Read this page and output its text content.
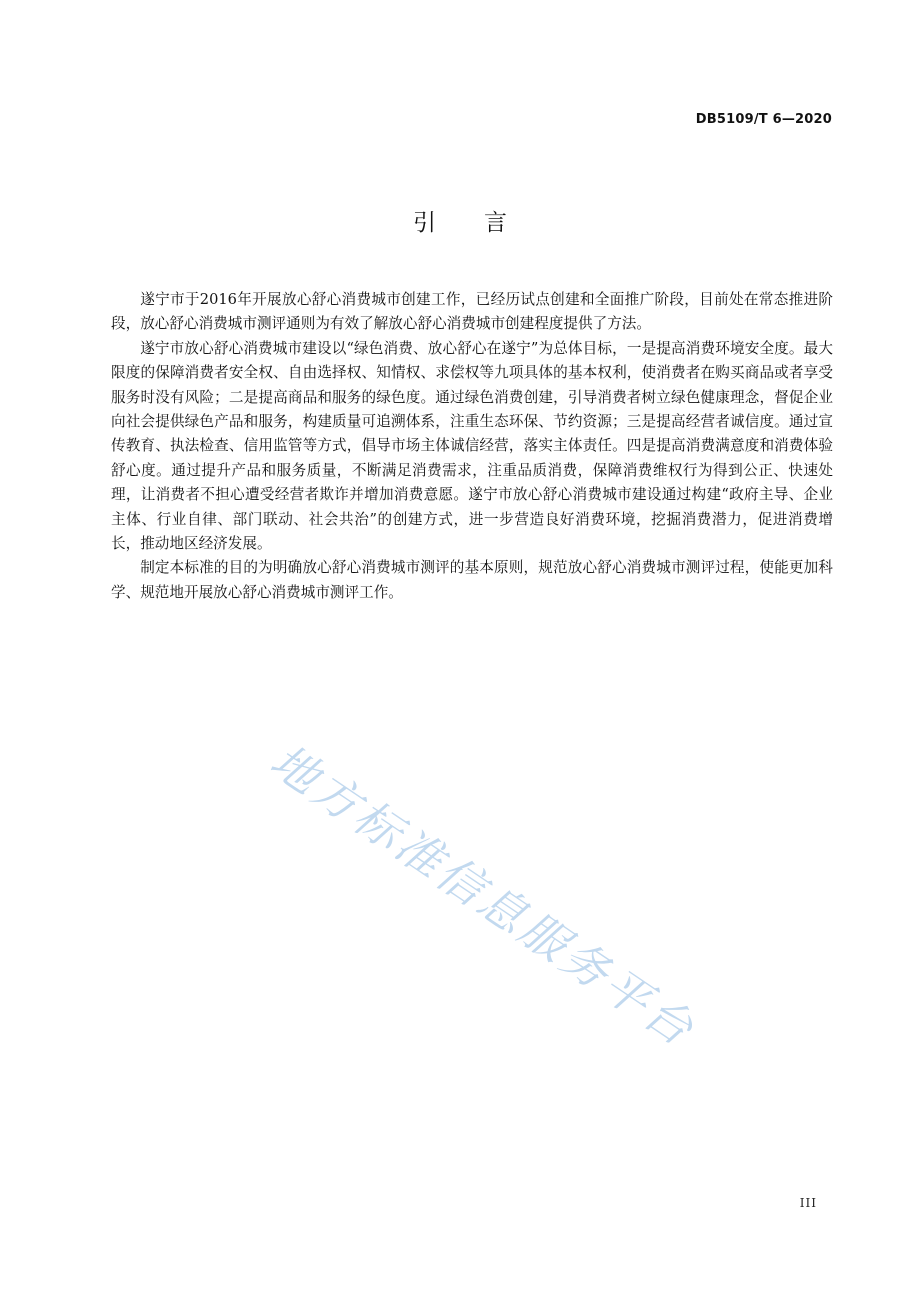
DB5109/T 6—2020
引言

遂宁市于2016年开展放心舒心消费城市创建工作，已经历试点创建和全面推广阶段，目前处在常态推进阶段，放心舒心消费城市测评通则为有效了解放心舒心消费城市创建程度提供了方法。

遂宁市放心舒心消费城市建设以“绿色消费、放心舒心在遂宁”为总体目标，一是提高消费环境安全度。最大限度的保障消费者安全权、自由选择权、知情权、求偿权等九项具体的基本权利，使消费者在购买商品或者享受服务时没有风险；二是提高商品和服务的绿色度。通过绿色消费创建，引导消费者树立绿色健康理念，督促企业向社会提供绿色产品和服务，构建质量可追溯体系，注重生态环保、节约资源；三是提高经营者诚信度。通过宣传教育、执法检查、信用监管等方式，倡导市场主体诚信经营，落实主体责任。四是提高消费满意度和消费体验舒心度。通过提升产品和服务质量，不断满足消费需求，注重品质消费，保障消费维权行为得到公正、快速处理，让消费者不担心遭受经营者欺诈并增加消费意愿。遂宁市放心舒心消费城市建设通过构建“政府主导、企业主体、行业自律、部门联动、社会共治”的创建方式，进一步营造良好消费环境，挖掘消费潜力，促进消费增长，推动地区经济发展。

制定本标准的目的为明确放心舒心消费城市测评的基本原则，规范放心舒心消费城市测评过程，使能更加科学、规范地开展放心舒心消费城市测评工作。

地方标准信息服务平台
III
